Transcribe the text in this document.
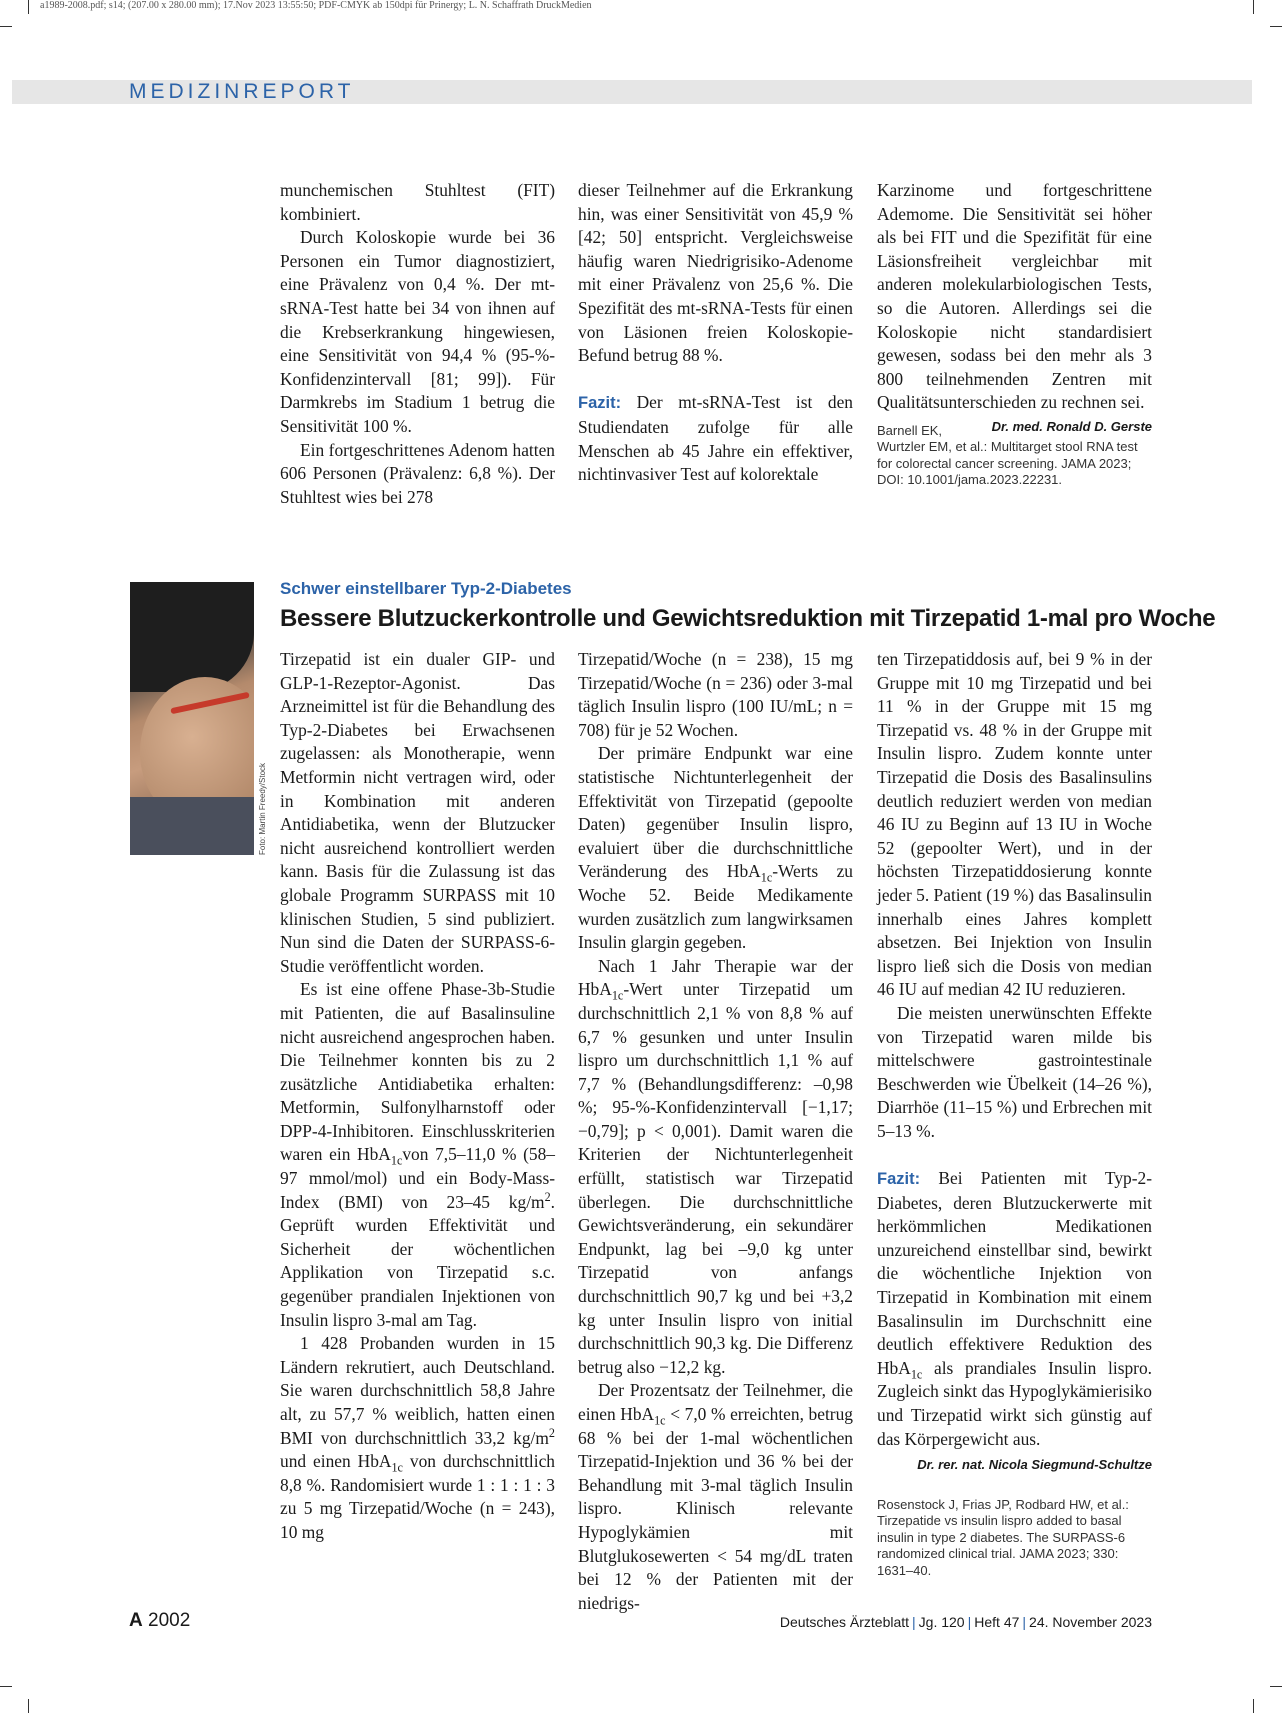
a1989-2008.pdf; s14; (207.00 x 280.00 mm); 17.Nov 2023 13:55:50; PDF-CMYK ab 150dpi für Prinergy; L. N. Schaffrath DruckMedien
MEDIZINREPORT

munchemischen Stuhltest (FIT) kombiniert.

Durch Koloskopie wurde bei 36 Personen ein Tumor diagnostiziert, eine Prävalenz von 0,4 %. Der mt-sRNA-Test hatte bei 34 von ihnen auf die Krebserkrankung hingewiesen, eine Sensitivität von 94,4 % (95-%-Konfidenzintervall [81; 99]). Für Darmkrebs im Stadium 1 betrug die Sensitivität 100 %.

Ein fortgeschrittenes Adenom hatten 606 Personen (Prävalenz: 6,8 %). Der Stuhltest wies bei 278

dieser Teilnehmer auf die Erkrankung hin, was einer Sensitivität von 45,9 % [42; 50] entspricht. Vergleichsweise häufig waren Niedrigrisiko-Adenome mit einer Prävalenz von 25,6 %. Die Spezifität des mt-sRNA-Tests für einen von Läsionen freien Koloskopie-Befund betrug 88 %.

Fazit: Der mt-sRNA-Test ist den Studiendaten zufolge für alle Menschen ab 45 Jahre ein effektiver, nichtinvasiver Test auf kolorektale

Karzinome und fortgeschrittene Ademome. Die Sensitivität sei höher als bei FIT und die Spezifität für eine Läsionsfreiheit vergleichbar mit anderen molekularbiologischen Tests, so die Autoren. Allerdings sei die Koloskopie nicht standardisiert gewesen, sodass bei den mehr als 3 800 teilnehmenden Zentren mit Qualitätsunterschieden zu rechnen sei.
Dr. med. Ronald D. Gerste

Barnell EK, Wurtzler EM, et al.: Multitarget stool RNA test for colorectal cancer screening. JAMA 2023; DOI: 10.1001/jama.2023.22231.

Foto: Martin Freedy/Stock
Schwer einstellbarer Typ-2-Diabetes
Bessere Blutzuckerkontrolle und Gewichtsreduktion mit Tirzepatid 1-mal pro Woche

Tirzepatid ist ein dualer GIP- und GLP-1-Rezeptor-Agonist. Das Arzneimittel ist für die Behandlung des Typ-2-Diabetes bei Erwachsenen zugelassen: als Monotherapie, wenn Metformin nicht vertragen wird, oder in Kombination mit anderen Antidiabetika, wenn der Blutzucker nicht ausreichend kontrolliert werden kann. Basis für die Zulassung ist das globale Programm SURPASS mit 10 klinischen Studien, 5 sind publiziert. Nun sind die Daten der SURPASS-6-Studie veröffentlicht worden.

Es ist eine offene Phase-3b-Studie mit Patienten, die auf Basalinsuline nicht ausreichend angesprochen haben. Die Teilnehmer konnten bis zu 2 zusätzliche Antidiabetika erhalten: Metformin, Sulfonylharnstoff oder DPP-4-Inhibitoren. Einschlusskriterien waren ein HbA$_{1c}$von 7,5–11,0 % (58–97 mmol/mol) und ein Body-Mass-Index (BMI) von 23–45 $kg/m^2$. Geprüft wurden Effektivität und Sicherheit der wöchentlichen Applikation von Tirzepatid s.c. gegenüber prandialen Injektionen von Insulin lispro 3-mal am Tag.

1 428 Probanden wurden in 15 Ländern rekrutiert, auch Deutschland. Sie waren durchschnittlich 58,8 Jahre alt, zu 57,7 % weiblich, hatten einen BMI von durchschnittlich 33,2 $kg/m^2$ und einen HbA$_{1c}$ von durchschnittlich 8,8 %. Randomisiert wurde 1 : 1 : 1 : 3 zu 5 mg Tirzepatid/Woche (n = 243), 10 mg

Tirzepatid/Woche (n = 238), 15 mg Tirzepatid/Woche (n = 236) oder 3-mal täglich Insulin lispro (100 IU/mL; n = 708) für je 52 Wochen.

Der primäre Endpunkt war eine statistische Nichtunterlegenheit der Effektivität von Tirzepatid (gepoolte Daten) gegenüber Insulin lispro, evaluiert über die durchschnittliche Veränderung des HbA$_{1c}$-Werts zu Woche 52. Beide Medikamente wurden zusätzlich zum langwirksamen Insulin glargin gegeben.

Nach 1 Jahr Therapie war der HbA$_{1c}$-Wert unter Tirzepatid um durchschnittlich 2,1 % von 8,8 % auf 6,7 % gesunken und unter Insulin lispro um durchschnittlich 1,1 % auf 7,7 % (Behandlungsdifferenz: –0,98 %; 95-%-Konfidenzintervall [−1,17; −0,79]; p < 0,001). Damit waren die Kriterien der Nichtunterlegenheit erfüllt, statistisch war Tirzepatid überlegen. Die durchschnittliche Gewichtsveränderung, ein sekundärer Endpunkt, lag bei –9,0 kg unter Tirzepatid von anfangs durchschnittlich 90,7 kg und bei +3,2 kg unter Insulin lispro von initial durchschnittlich 90,3 kg. Die Differenz betrug also −12,2 kg.

Der Prozentsatz der Teilnehmer, die einen HbA$_{1c}$ < 7,0 % erreichten, betrug 68 % bei der 1-mal wöchentlichen Tirzepatid-Injektion und 36 % bei der Behandlung mit 3-mal täglich Insulin lispro. Klinisch relevante Hypoglykämien mit Blutglukosewerten < 54 mg/dL traten bei 12 % der Patienten mit der niedrigs-

ten Tirzepatiddosis auf, bei 9 % in der Gruppe mit 10 mg Tirzepatid und bei 11 % in der Gruppe mit 15 mg Tirzepatid vs. 48 % in der Gruppe mit Insulin lispro. Zudem konnte unter Tirzepatid die Dosis des Basalinsulins deutlich reduziert werden von median 46 IU zu Beginn auf 13 IU in Woche 52 (gepoolter Wert), und in der höchsten Tirzepatiddosierung konnte jeder 5. Patient (19 %) das Basalinsulin innerhalb eines Jahres komplett absetzen. Bei Injektion von Insulin lispro ließ sich die Dosis von median 46 IU auf median 42 IU reduzieren.

Die meisten unerwünschten Effekte von Tirzepatid waren milde bis mittelschwere gastrointestinale Beschwerden wie Übelkeit (14–26 %), Diarrhöe (11–15 %) und Erbrechen mit 5–13 %.

Fazit: Bei Patienten mit Typ-2-Diabetes, deren Blutzuckerwerte mit herkömmlichen Medikationen unzureichend einstellbar sind, bewirkt die wöchentliche Injektion von Tirzepatid in Kombination mit einem Basalinsulin im Durchschnitt eine deutlich effektivere Reduktion des HbA$_{1c}$ als prandiales Insulin lispro. Zugleich sinkt das Hypoglykämierisiko und Tirzepatid wirkt sich günstig auf das Körpergewicht aus.

Dr. rer. nat. Nicola Siegmund-Schultze

Rosenstock J, Frias JP, Rodbard HW, et al.: Tirzepatide vs insulin lispro added to basal insulin in type 2 diabetes. The SURPASS-6 randomized clinical trial. JAMA 2023; 330: 1631–40.

A 2002	Deutsches Ärzteblatt | Jg. 120 | Heft 47 | 24. November 2023
